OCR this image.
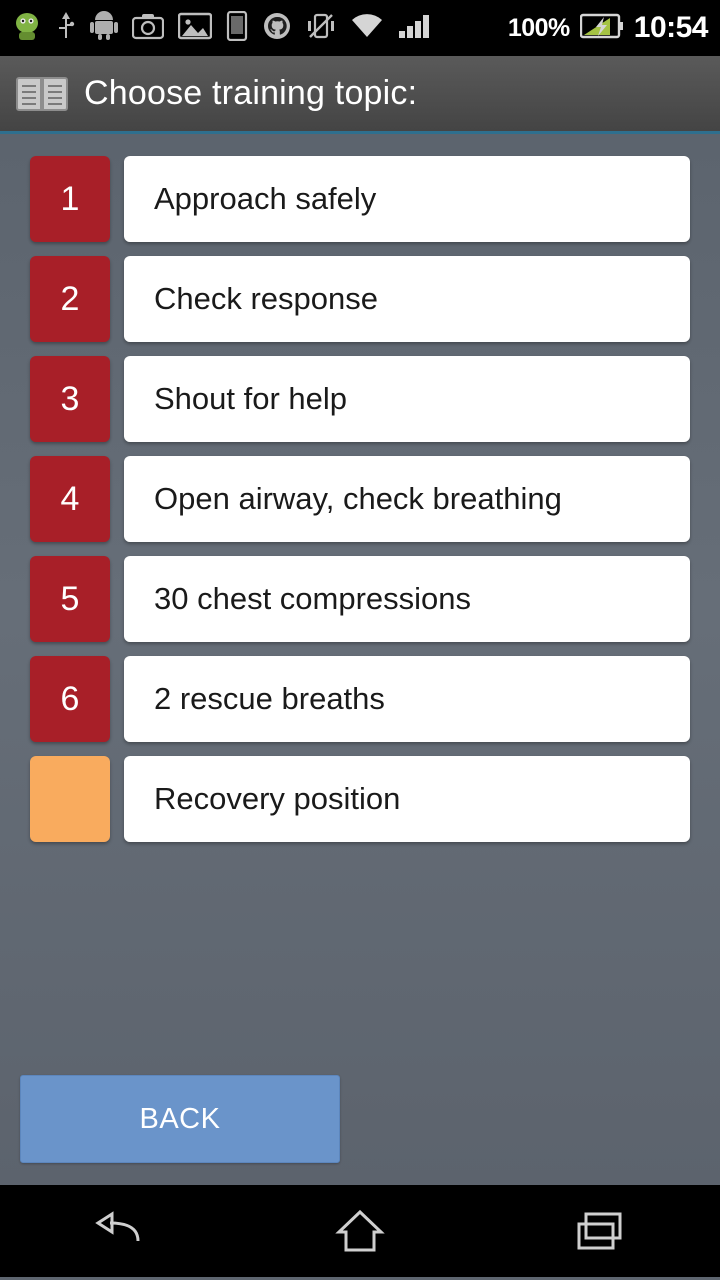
100% 10:54
Choose training topic:
1	Approach safely
2	Check response
3	Shout for help
4	Open airway, check breathing
5	30 chest compressions
6	2 rescue breaths
Recovery position
BACK
